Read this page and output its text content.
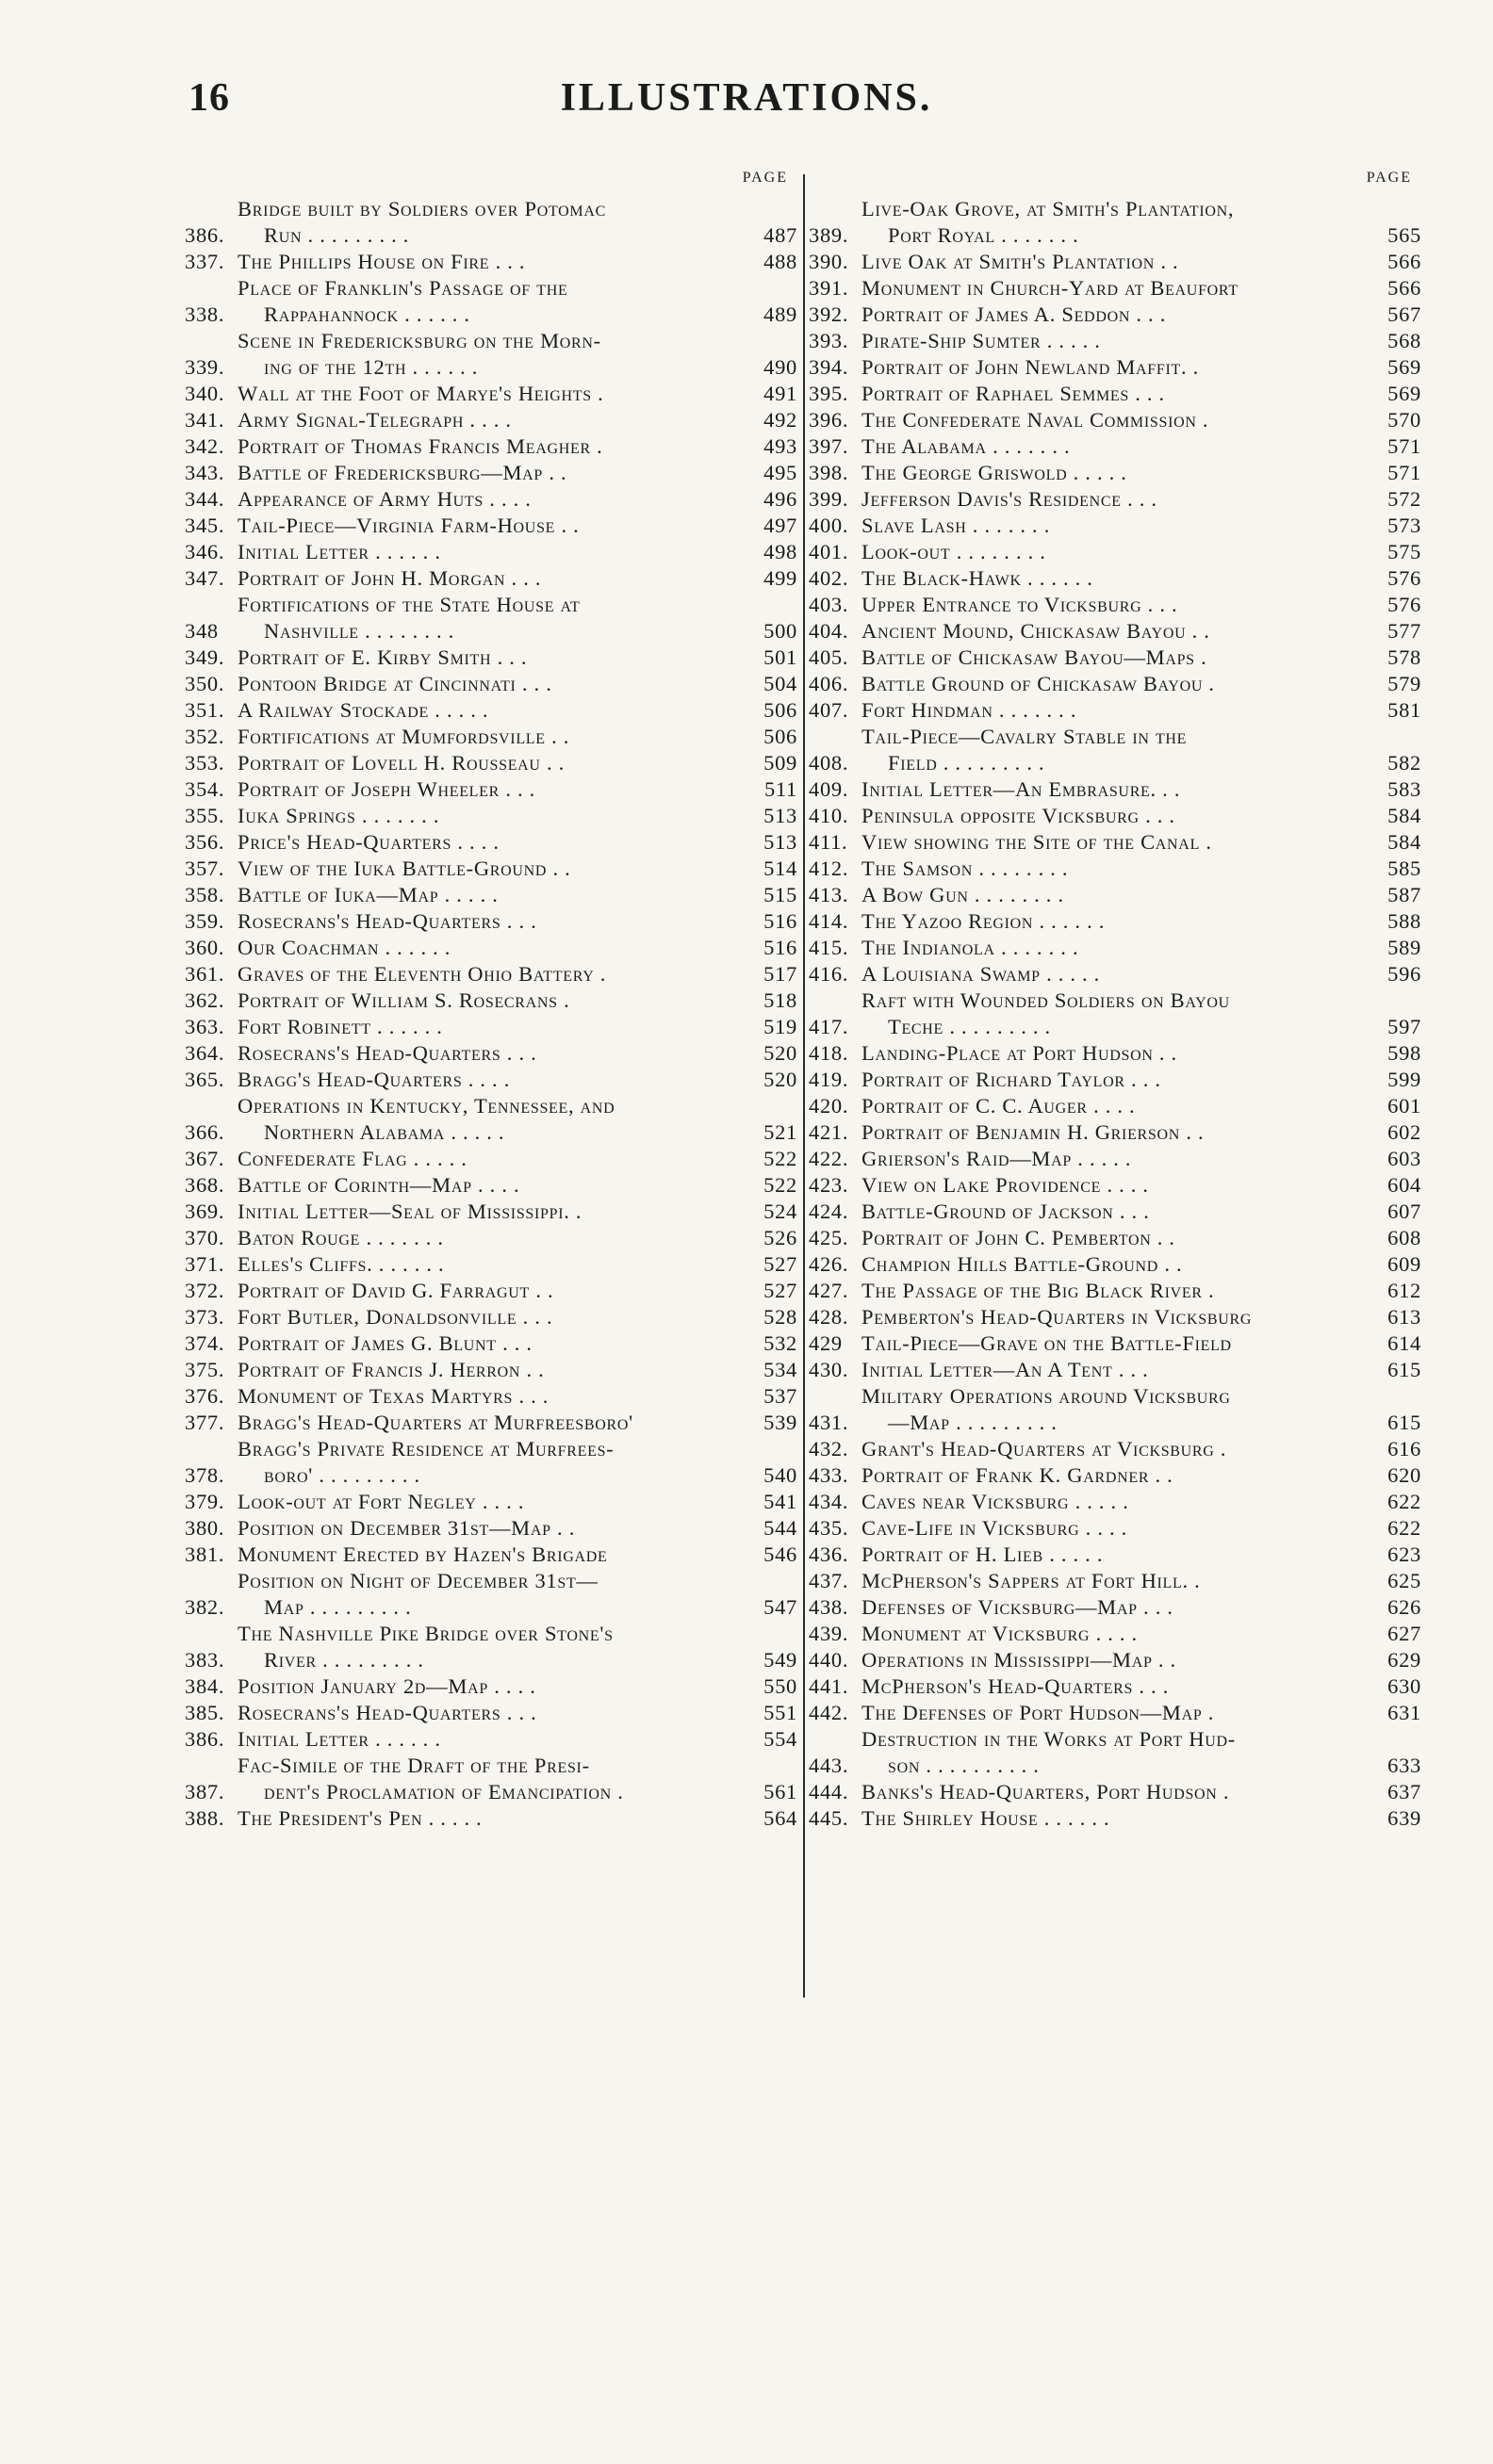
16	ILLUSTRATIONS.
PAGE
386.
Bridge built by Soldiers over Potomac
Run . . . . . . . . .	487
337. The Phillips House on Fire . . .	488
338.
Place of Franklin's Passage of the
Rappahannock . . . . . .	489
339.
Scene in Fredericksburg on the Morn-
ing of the 12th . . . . . .	490
340. Wall at the Foot of Marye's Heights .	491
341. Army Signal-Telegraph . . . .	492
342. Portrait of Thomas Francis Meagher .	493
343. Battle of Fredericksburg—Map . .	495
344. Appearance of Army Huts . . . .	496
345. Tail-Piece—Virginia Farm-House . .	497
346. Initial Letter . . . . . .	498
347. Portrait of John H. Morgan . . .	499
348
Fortifications of the State House at
Nashville . . . . . . . .	500
349. Portrait of E. Kirby Smith . . .	501
350. Pontoon Bridge at Cincinnati . . .	504
351. A Railway Stockade . . . . .	506
352. Fortifications at Mumfordsville . .	506
353. Portrait of Lovell H. Rousseau . .	509
354. Portrait of Joseph Wheeler . . .	511
355. Iuka Springs . . . . . . .	513
356. Price's Head-Quarters . . . .	513
357. View of the Iuka Battle-Ground . .	514
358. Battle of Iuka—Map . . . . .	515
359. Rosecrans's Head-Quarters . . .	516
360. Our Coachman . . . . . .	516
361. Graves of the Eleventh Ohio Battery .	517
362. Portrait of William S. Rosecrans .	518
363. Fort Robinett . . . . . .	519
364. Rosecrans's Head-Quarters . . .	520
365. Bragg's Head-Quarters . . . .	520
366.
Operations in Kentucky, Tennessee, and
Northern Alabama . . . . .	521
367. Confederate Flag . . . . .	522
368. Battle of Corinth—Map . . . .	522
369. Initial Letter—Seal of Mississippi. .	524
370. Baton Rouge . . . . . . .	526
371. Elles's Cliffs. . . . . . .	527
372. Portrait of David G. Farragut . .	527
373. Fort Butler, Donaldsonville . . .	528
374. Portrait of James G. Blunt . . .	532
375. Portrait of Francis J. Herron . .	534
376. Monument of Texas Martyrs . . .	537
377. Bragg's Head-Quarters at Murfreesboro'	539
378.
Bragg's Private Residence at Murfrees-
boro' . . . . . . . . .	540
379. Look-out at Fort Negley . . . .	541
380. Position on December 31st—Map . .	544
381. Monument Erected by Hazen's Brigade	546
382.
Position on Night of December 31st—
Map . . . . . . . . .	547
383.
The Nashville Pike Bridge over Stone's
River . . . . . . . . .	549
384. Position January 2d—Map . . . .	550
385. Rosecrans's Head-Quarters . . .	551
386. Initial Letter . . . . . .	554
387.
Fac-Simile of the Draft of the Presi-
dent's Proclamation of Emancipation .	561
388. The President's Pen . . . . .	564
PAGE
389.
Live-Oak Grove, at Smith's Plantation,
Port Royal . . . . . . .	565
390. Live Oak at Smith's Plantation . .	566
391. Monument in Church-Yard at Beaufort	566
392. Portrait of James A. Seddon . . .	567
393. Pirate-Ship Sumter . . . . .	568
394. Portrait of John Newland Maffit. .	569
395. Portrait of Raphael Semmes . . .	569
396. The Confederate Naval Commission .	570
397. The Alabama . . . . . . .	571
398. The George Griswold . . . . .	571
399. Jefferson Davis's Residence . . .	572
400. Slave Lash . . . . . . .	573
401. Look-out . . . . . . . .	575
402. The Black-Hawk . . . . . .	576
403. Upper Entrance to Vicksburg . . .	576
404. Ancient Mound, Chickasaw Bayou . .	577
405. Battle of Chickasaw Bayou—Maps .	578
406. Battle Ground of Chickasaw Bayou .	579
407. Fort Hindman . . . . . . .	581
408.
Tail-Piece—Cavalry Stable in the
Field . . . . . . . . .	582
409. Initial Letter—An Embrasure. . .	583
410. Peninsula opposite Vicksburg . . .	584
411. View showing the Site of the Canal .	584
412. The Samson . . . . . . . .	585
413. A Bow Gun . . . . . . . .	587
414. The Yazoo Region . . . . . .	588
415. The Indianola . . . . . . .	589
416. A Louisiana Swamp . . . . .	596
417.
Raft with Wounded Soldiers on Bayou
Teche . . . . . . . . .	597
418. Landing-Place at Port Hudson . .	598
419. Portrait of Richard Taylor . . .	599
420. Portrait of C. C. Auger . . . .	601
421. Portrait of Benjamin H. Grierson . .	602
422. Grierson's Raid—Map . . . . .	603
423. View on Lake Providence . . . .	604
424. Battle-Ground of Jackson . . .	607
425. Portrait of John C. Pemberton . .	608
426. Champion Hills Battle-Ground . .	609
427. The Passage of the Big Black River .	612
428. Pemberton's Head-Quarters in Vicksburg	613
429 Tail-Piece—Grave on the Battle-Field	614
430. Initial Letter—An A Tent . . .	615
431.
Military Operations around Vicksburg
—Map . . . . . . . . .	615
432. Grant's Head-Quarters at Vicksburg .	616
433. Portrait of Frank K. Gardner . .	620
434. Caves near Vicksburg . . . . .	622
435. Cave-Life in Vicksburg . . . .	622
436. Portrait of H. Lieb . . . . .	623
437. McPherson's Sappers at Fort Hill. .	625
438. Defenses of Vicksburg—Map . . .	626
439. Monument at Vicksburg . . . .	627
440. Operations in Mississippi—Map . .	629
441. McPherson's Head-Quarters . . .	630
442. The Defenses of Port Hudson—Map .	631
443.
Destruction in the Works at Port Hud-
son . . . . . . . . . .	633
444. Banks's Head-Quarters, Port Hudson .	637
445. The Shirley House . . . . . .	639
